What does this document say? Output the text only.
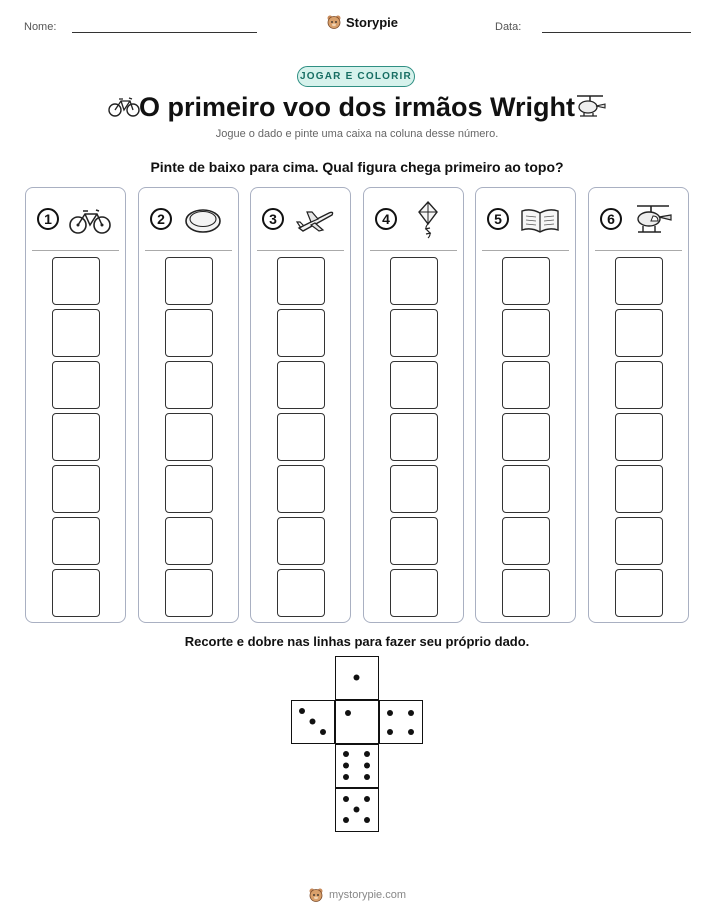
Nome:	Storypie	Data:
JOGAR E COLORIR
O primeiro voo dos irmãos Wright
Jogue o dado e pinte uma caixa na coluna desse número.
Pinte de baixo para cima. Qual figura chega primeiro ao topo?
1	2	3	4	5	6
Recorte e dobre nas linhas para fazer seu próprio dado.
mystorypie.com
